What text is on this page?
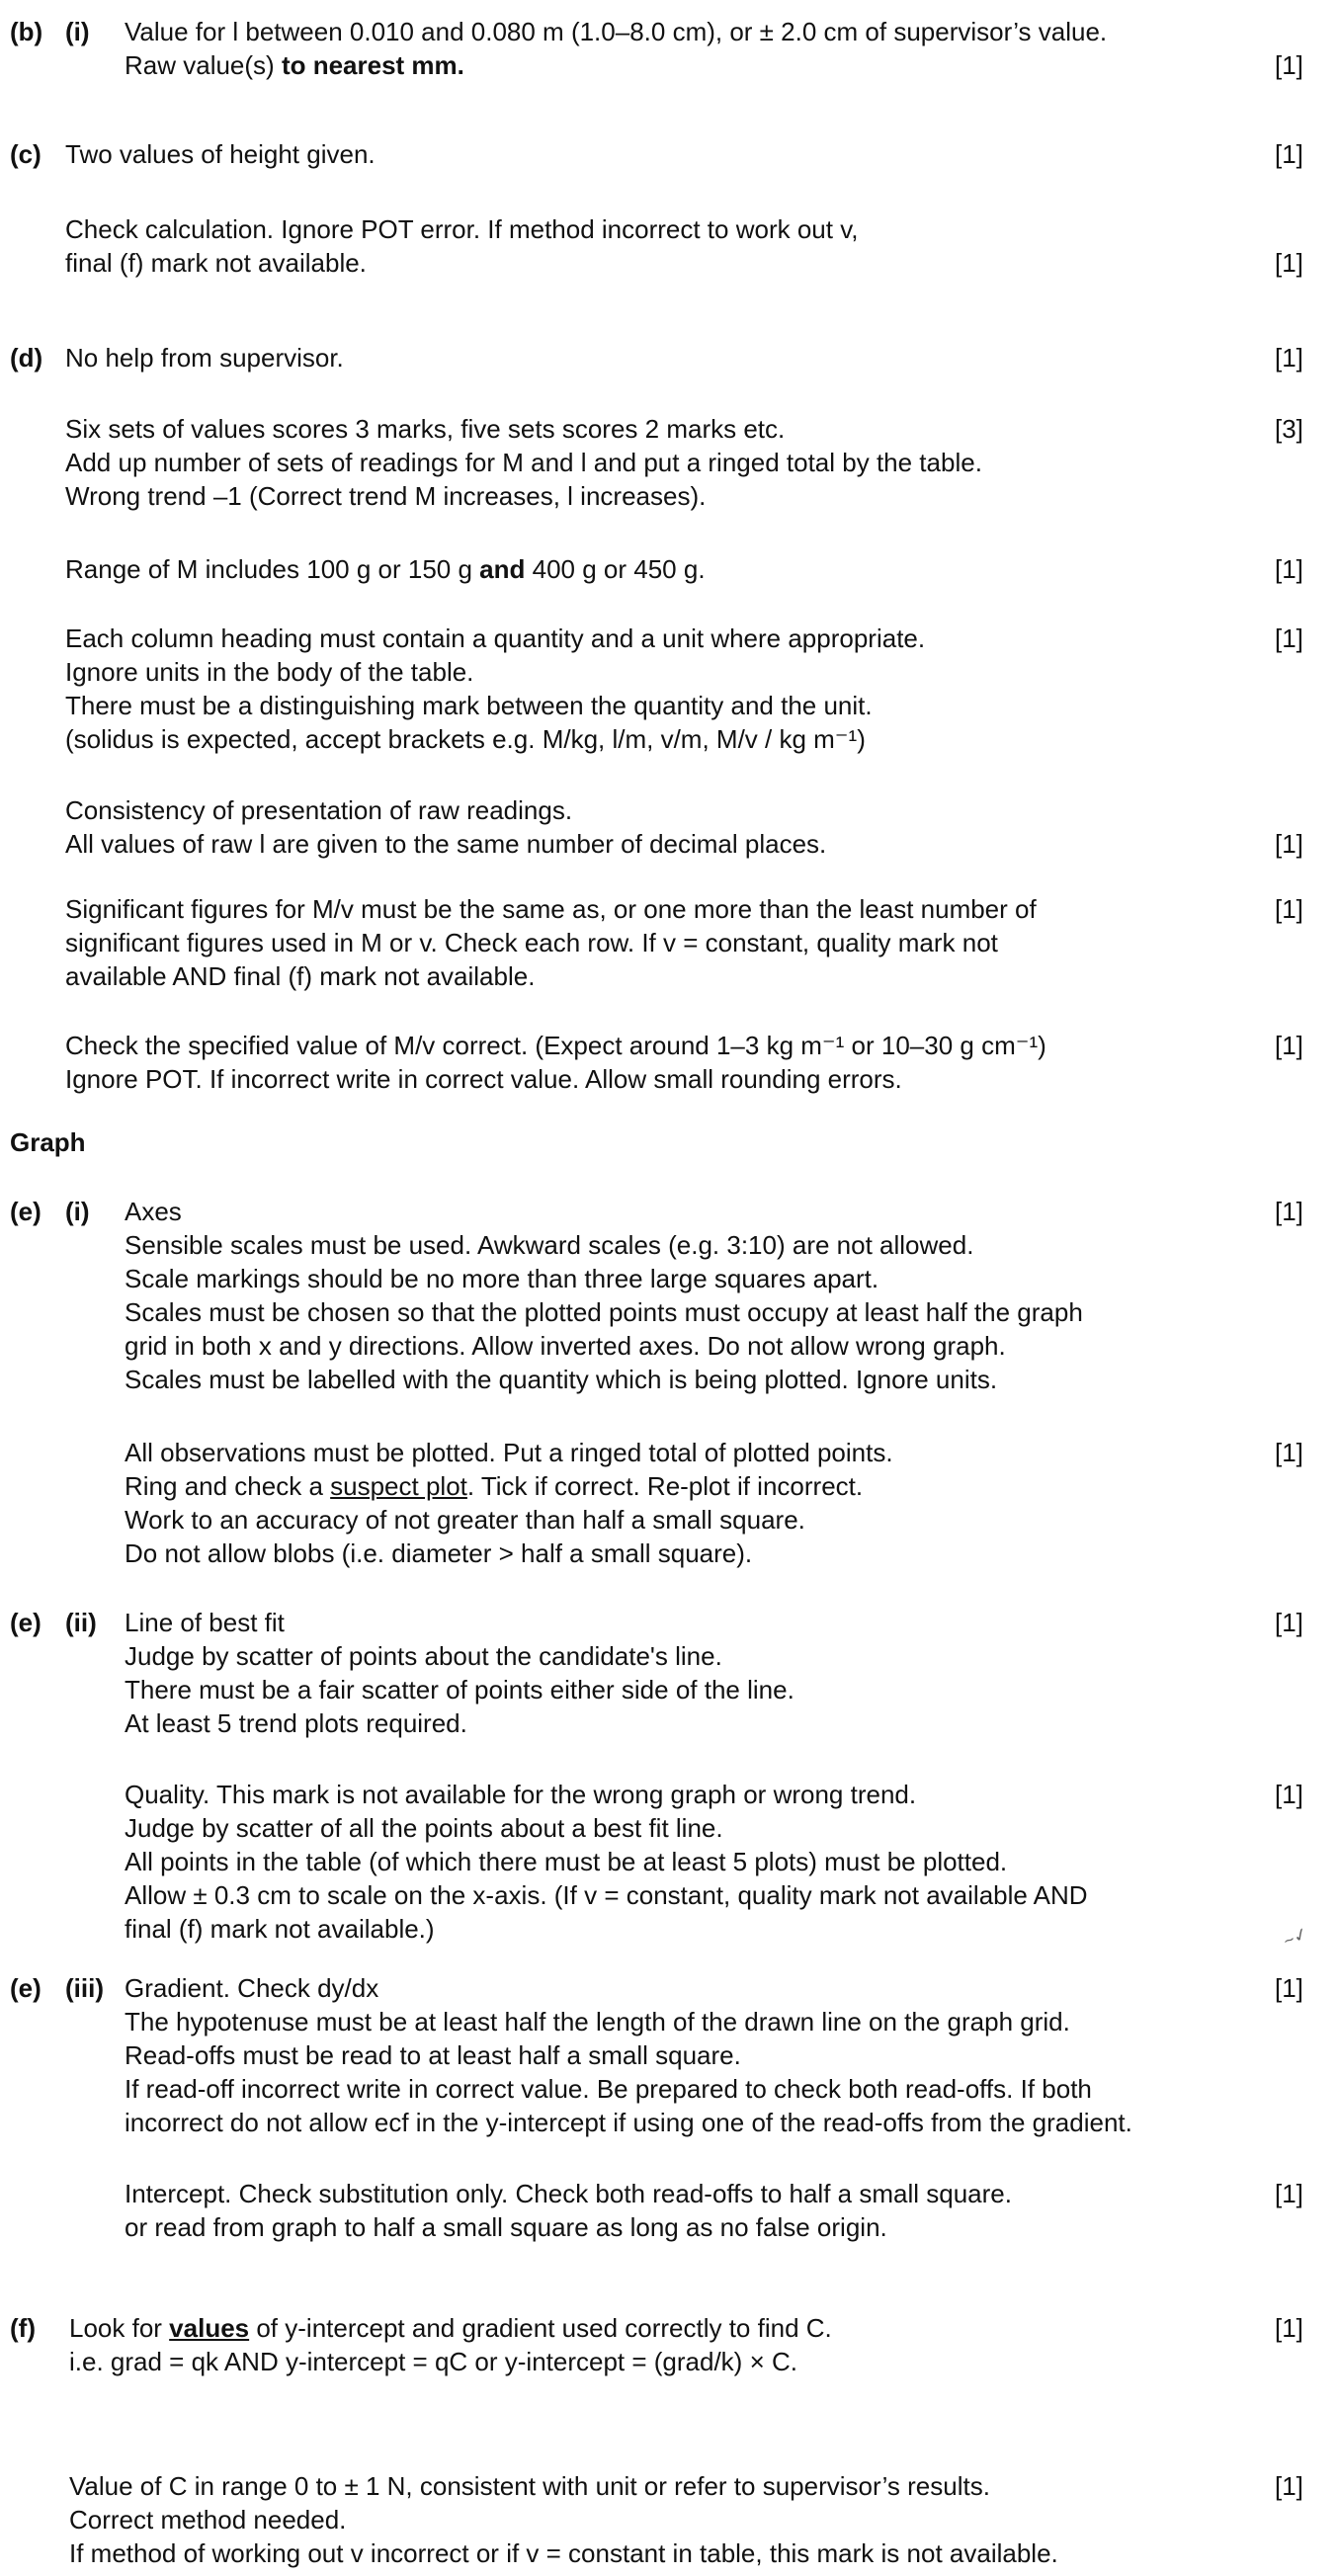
(b) (i) Value for l between 0.010 and 0.080 m (1.0–8.0 cm), or ± 2.0 cm of supervisor’s value.
Raw value(s) to nearest mm.	[1]
(c) Two values of height given.	[1]
Check calculation. Ignore POT error. If method incorrect to work out v,
final (f) mark not available.	[1]
(d) No help from supervisor.	[1]
Six sets of values scores 3 marks, five sets scores 2 marks etc.	[3]
Add up number of sets of readings for M and l and put a ringed total by the table.
Wrong trend –1 (Correct trend M increases, l increases).
Range of M includes 100 g or 150 g and 400 g or 450 g.	[1]
Each column heading must contain a quantity and a unit where appropriate.	[1]
Ignore units in the body of the table.
There must be a distinguishing mark between the quantity and the unit.
(solidus is expected, accept brackets e.g. M/kg, l/m, v/m, M/v / kg m⁻¹)
Consistency of presentation of raw readings.
All values of raw l are given to the same number of decimal places.	[1]
Significant figures for M/v must be the same as, or one more than the least number of	[1]
significant figures used in M or v. Check each row. If v = constant, quality mark not
available AND final (f) mark not available.
Check the specified value of M/v correct. (Expect around 1–3 kg m⁻¹ or 10–30 g cm⁻¹)	[1]
Ignore POT. If incorrect write in correct value. Allow small rounding errors.
Graph
(e) (i) Axes	[1]
Sensible scales must be used. Awkward scales (e.g. 3:10) are not allowed.
Scale markings should be no more than three large squares apart.
Scales must be chosen so that the plotted points must occupy at least half the graph
grid in both x and y directions. Allow inverted axes. Do not allow wrong graph.
Scales must be labelled with the quantity which is being plotted. Ignore units.
All observations must be plotted. Put a ringed total of plotted points.	[1]
Ring and check a suspect plot. Tick if correct. Re-plot if incorrect.
Work to an accuracy of not greater than half a small square.
Do not allow blobs (i.e. diameter > half a small square).
(e) (ii) Line of best fit	[1]
Judge by scatter of points about the candidate's line.
There must be a fair scatter of points either side of the line.
At least 5 trend plots required.
Quality. This mark is not available for the wrong graph or wrong trend.	[1]
Judge by scatter of all the points about a best fit line.
All points in the table (of which there must be at least 5 plots) must be plotted.
Allow ± 0.3 cm to scale on the x-axis. (If v = constant, quality mark not available AND
final (f) mark not available.)	~✓
(e) (iii) Gradient. Check dy/dx	[1]
The hypotenuse must be at least half the length of the drawn line on the graph grid.
Read-offs must be read to at least half a small square.
If read-off incorrect write in correct value. Be prepared to check both read-offs. If both
incorrect do not allow ecf in the y-intercept if using one of the read-offs from the gradient.
Intercept. Check substitution only. Check both read-offs to half a small square.	[1]
or read from graph to half a small square as long as no false origin.
(f) Look for values of y-intercept and gradient used correctly to find C.	[1]
i.e. grad = qk AND y-intercept = qC or y-intercept = (grad/k) × C.
Value of C in range 0 to ± 1 N, consistent with unit or refer to supervisor’s results.	[1]
Correct method needed.
If method of working out v incorrect or if v = constant in table, this mark is not available.
